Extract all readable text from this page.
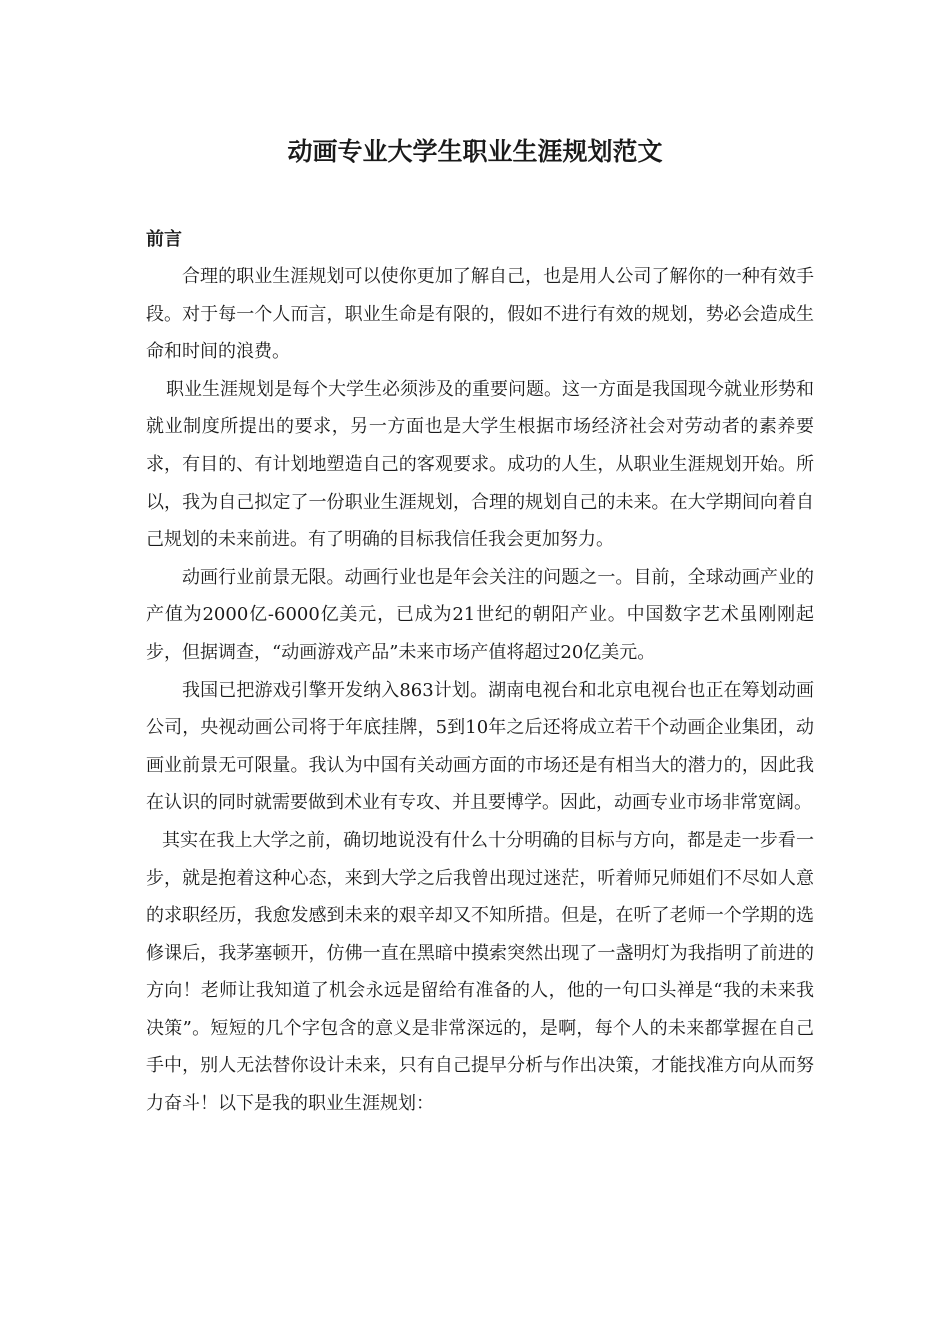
动画专业大学生职业生涯规划范文
前言

合理的职业生涯规划可以使你更加了解自己，也是用人公司了解你的一种有效手段。对于每一个人而言，职业生命是有限的，假如不进行有效的规划，势必会造成生命和时间的浪费。

职业生涯规划是每个大学生必须涉及的重要问题。这一方面是我国现今就业形势和就业制度所提出的要求，另一方面也是大学生根据市场经济社会对劳动者的素养要求，有目的、有计划地塑造自己的客观要求。成功的人生，从职业生涯规划开始。所以，我为自己拟定了一份职业生涯规划，合理的规划自己的未来。在大学期间向着自己规划的未来前进。有了明确的目标我信任我会更加努力。

动画行业前景无限。动画行业也是年会关注的问题之一。目前，全球动画产业的产值为2000亿-6000亿美元，已成为21世纪的朝阳产业。中国数字艺术虽刚刚起步，但据调查，“动画游戏产品”未来市场产值将超过20亿美元。

我国已把游戏引擎开发纳入863计划。湖南电视台和北京电视台也正在筹划动画公司，央视动画公司将于年底挂牌，5到10年之后还将成立若干个动画企业集团，动画业前景无可限量。我认为中国有关动画方面的市场还是有相当大的潜力的，因此我在认识的同时就需要做到术业有专攻、并且要博学。因此，动画专业市场非常宽阔。

其实在我上大学之前，确切地说没有什么十分明确的目标与方向，都是走一步看一步，就是抱着这种心态，来到大学之后我曾出现过迷茫，听着师兄师姐们不尽如人意的求职经历，我愈发感到未来的艰辛却又不知所措。但是，在听了老师一个学期的选修课后，我茅塞顿开，仿佛一直在黑暗中摸索突然出现了一盏明灯为我指明了前进的方向！老师让我知道了机会永远是留给有准备的人，他的一句口头禅是“我的未来我决策”。短短的几个字包含的意义是非常深远的，是啊，每个人的未来都掌握在自己手中，别人无法替你设计未来，只有自己提早分析与作出决策，才能找准方向从而努力奋斗！以下是我的职业生涯规划：
